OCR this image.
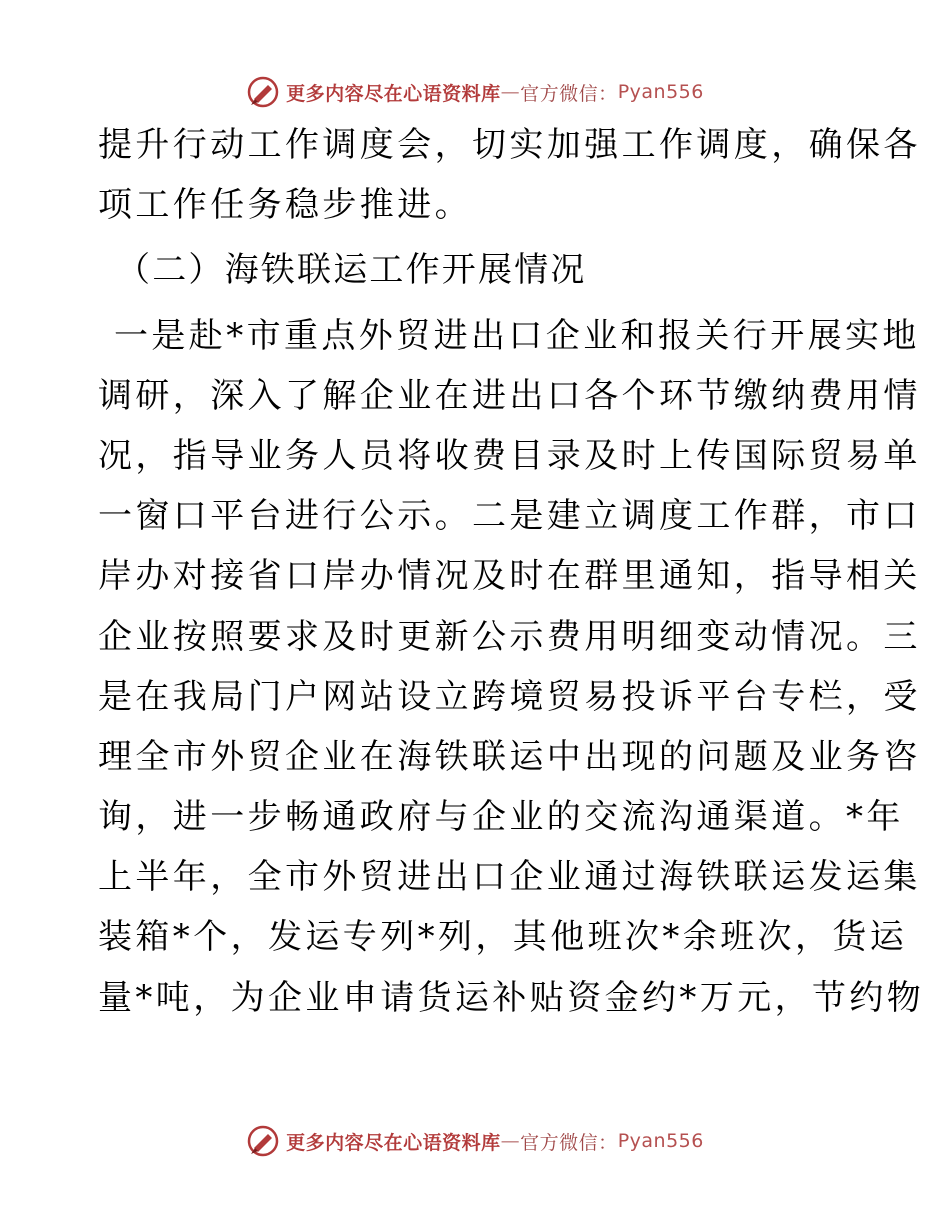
更多内容尽在心语资料库 — 官方微信： Pyan556
提升行动工作调度会，切实加强工作调度，确保各
项工作任务稳步推进。
（二）海铁联运工作开展情况
一是赴*市重点外贸进出口企业和报关行开展实地
调研，深入了解企业在进出口各个环节缴纳费用情
况，指导业务人员将收费目录及时上传国际贸易单
一窗口平台进行公示。二是建立调度工作群，市口
岸办对接省口岸办情况及时在群里通知，指导相关
企业按照要求及时更新公示费用明细变动情况。三
是在我局门户网站设立跨境贸易投诉平台专栏，受
理全市外贸企业在海铁联运中出现的问题及业务咨
询，进一步畅通政府与企业的交流沟通渠道。*年
上半年，全市外贸进出口企业通过海铁联运发运集
装箱*个，发运专列*列，其他班次*余班次，货运
量*吨，为企业申请货运补贴资金约*万元，节约物
更多内容尽在心语资料库 — 官方微信： Pyan556
